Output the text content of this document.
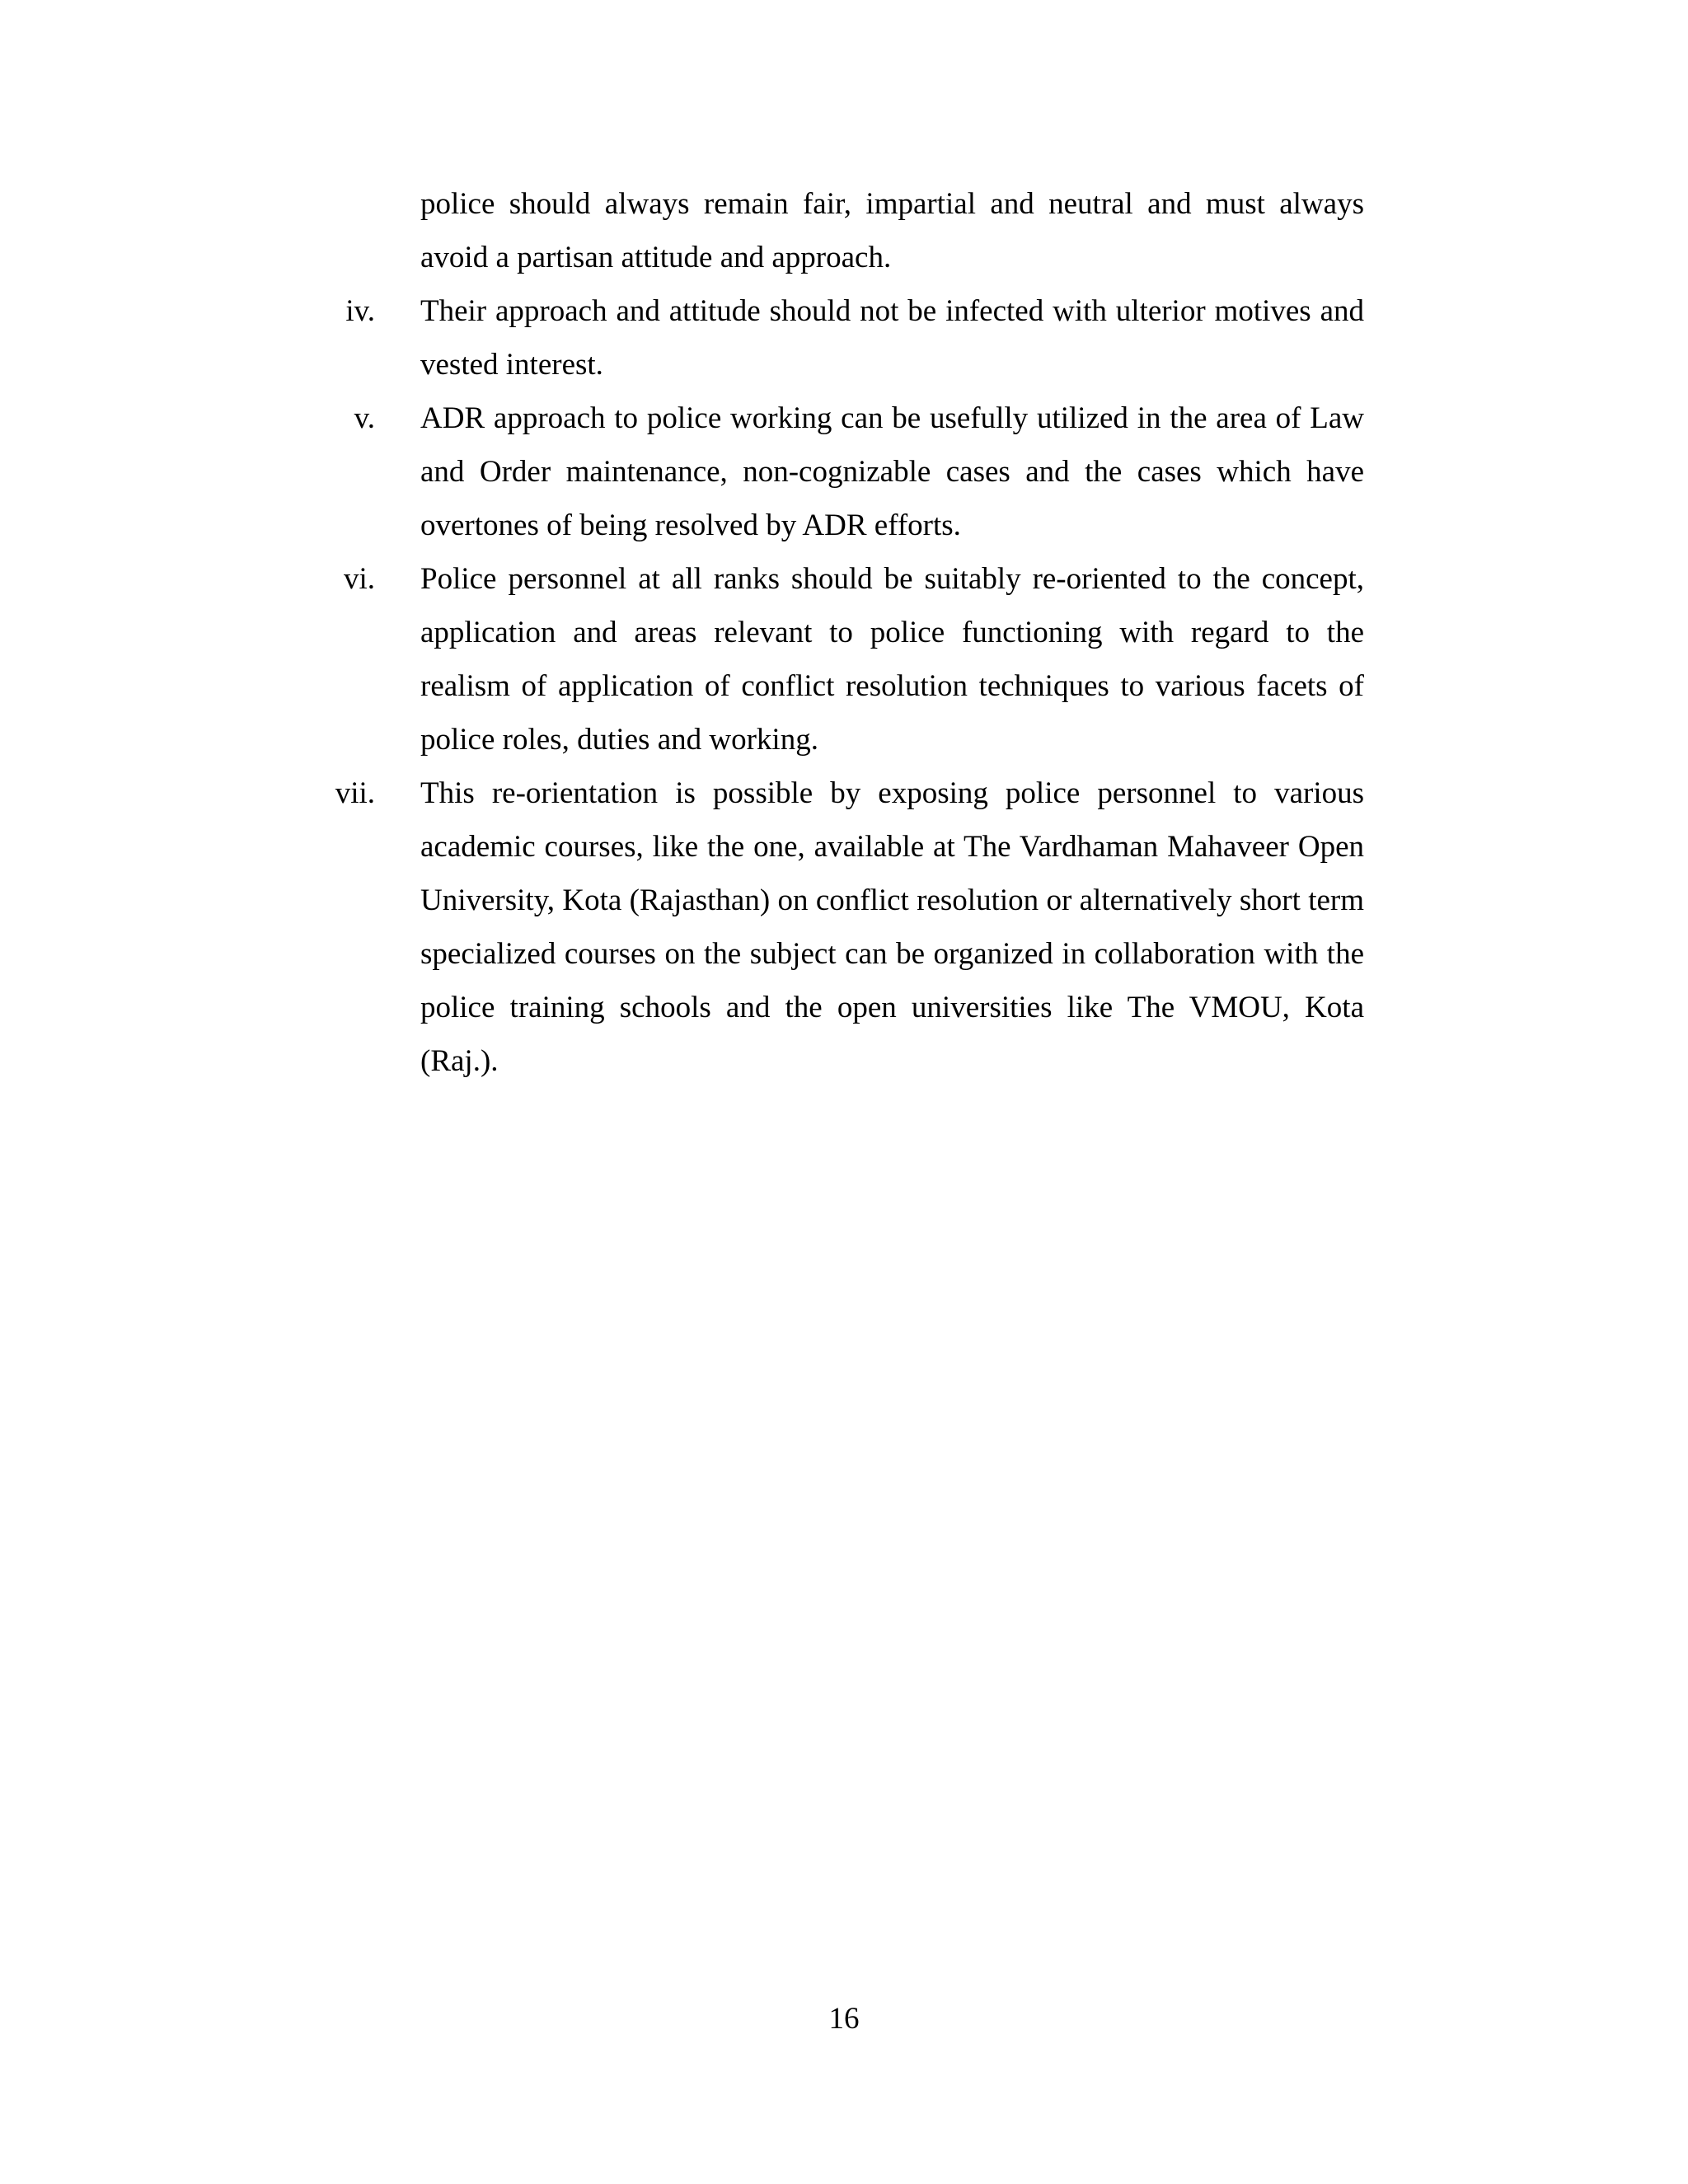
police should always remain fair, impartial and neutral and must always avoid a partisan attitude and approach.
iv.	Their approach and attitude should not be infected with ulterior motives and vested interest.
v.	ADR approach to police working can be usefully utilized in the area of Law and Order maintenance, non-cognizable cases and the cases which have overtones of being resolved by ADR efforts.
vi.	Police personnel at all ranks should be suitably re-oriented to the concept, application and areas relevant to police functioning with regard to the realism of application of conflict resolution techniques to various facets of police roles, duties and working.
vii.	This re-orientation is possible by exposing police personnel to various academic courses, like the one, available at The Vardhaman Mahaveer Open University, Kota (Rajasthan) on conflict resolution or alternatively short term specialized courses on the subject can be organized in collaboration with the police training schools and the open universities like The VMOU, Kota (Raj.).
16
